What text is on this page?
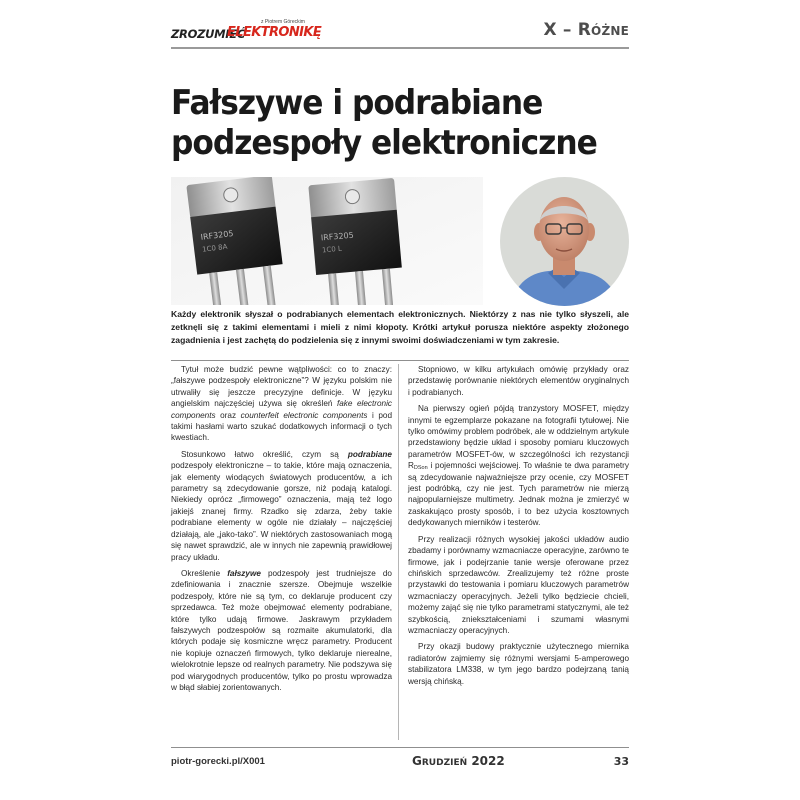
z Piotrem Góreckim
ZROZUMIEĆ
ELEKTRONIKĘ	X – RÓŻNE
Fałszywe i podrabiane
podzespoły elektroniczne
IRF3205
1C0 8A
IRF3205
1C0 L

Każdy elektronik słyszał o podrabianych elementach elektronicznych. Niektórzy z nas nie tylko słyszeli, ale zetknęli się z takimi elementami i mieli z nimi kłopoty. Krótki artykuł porusza niektóre aspekty złożonego zagadnienia i jest zachętą do podzielenia się z innymi swoimi doświadczeniami w tym zakresie.

Tytuł może budzić pewne wątpliwości: co to znaczy: „fałszywe podzespoły elektroniczne”? W języku polskim nie utrwaliły się jeszcze precyzyjne definicje. W języku angielskim najczęściej używa się określeń fake electronic components oraz counterfeit electronic components i pod takimi hasłami warto szukać dodatkowych informacji o tych kwestiach.

Stosunkowo łatwo określić, czym są podrabiane podzespoły elektroniczne – to takie, które mają oznaczenia, jak elementy wiodących światowych producentów, a ich parametry są zdecydowanie gorsze, niż podają katalogi. Niekiedy oprócz „firmowego” oznaczenia, mają też logo jakiejś znanej firmy. Rzadko się zdarza, żeby takie podrabiane elementy w ogóle nie działały – najczęściej działają, ale „jako-tako”. W niektórych zastosowaniach mogą się nawet sprawdzić, ale w innych nie zapewnią prawidłowej pracy układu.

Określenie fałszywe podzespoły jest trudniejsze do zdefiniowania i znacznie szersze. Obejmuje wszelkie podzespoły, które nie są tym, co deklaruje producent czy sprzedawca. Też może obejmować elementy podrabiane, które tylko udają firmowe. Jaskrawym przykładem fałszywych podzespołów są rozmaite akumulatorki, dla których podaje się kosmiczne wręcz parametry. Producent nie kopiuje oznaczeń firmowych, tylko deklaruje nierealne, wielokrotnie lepsze od realnych parametry. Nie podszywa się pod wiarygodnych producentów, tylko po prostu wprowadza w błąd słabiej zorientowanych.

Stopniowo, w kilku artykułach omówię przykłady oraz przedstawię porównanie niektórych elementów oryginalnych i podrabianych.

Na pierwszy ogień pójdą tranzystory MOSFET, między innymi te egzemplarze pokazane na fotografii tytułowej. Nie tylko omówimy problem podróbek, ale w oddzielnym artykule przedstawiony będzie układ i sposoby pomiaru kluczowych parametrów MOSFET-ów, w szczególności ich rezystancji $R_{DSon}$ i pojemności wejściowej. To właśnie te dwa parametry są zdecydowanie najważniejsze przy ocenie, czy MOSFET jest podróbką, czy nie jest. Tych parametrów nie mierzą najpopularniejsze multimetry. Jednak można je zmierzyć w zaskakująco prosty sposób, i to bez użycia kosztownych dedykowanych mierników i testerów.

Przy realizacji różnych wysokiej jakości układów audio zbadamy i porównamy wzmacniacze operacyjne, zarówno te firmowe, jak i podejrzanie tanie wersje oferowane przez chińskich sprzedawców. Zrealizujemy też różne proste przystawki do testowania i pomiaru kluczowych parametrów wzmacniaczy operacyjnych. Jeżeli tylko będziecie chcieli, możemy zająć się nie tylko parametrami statycznymi, ale też szybkością, zniekształceniami i szumami własnymi wzmacniaczy operacyjnych.

Przy okazji budowy praktycznie użytecznego miernika radiatorów zajmiemy się różnymi wersjami 5-amperowego stabilizatora LM338, w tym jego bardzo podejrzaną tanią wersją chińską.

piotr-gorecki.pl/X001	GRUDZIEŃ 2022	33
